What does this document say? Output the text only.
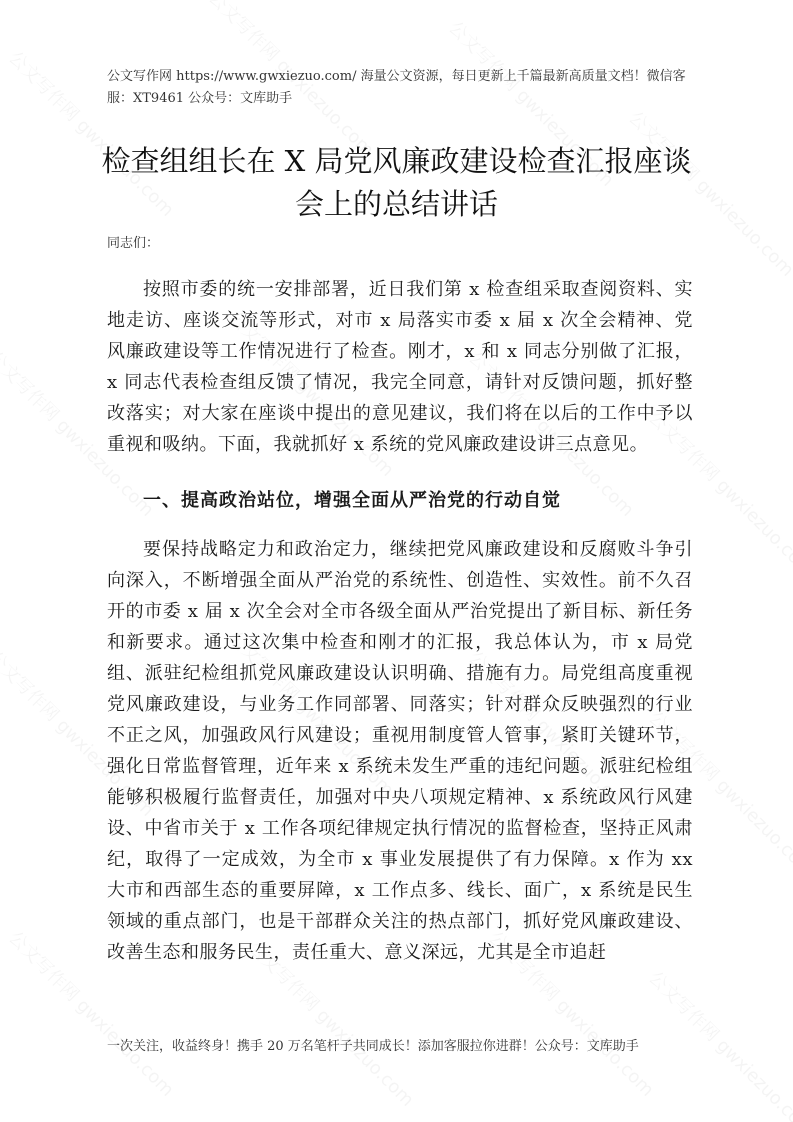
公文写作网 https://www.gwxiezuo.com/ 海量公文资源，每日更新上千篇最新高质量文档！微信客服：XT9461 公众号：文库助手
检查组组长在 X 局党风廉政建设检查汇报座谈会上的总结讲话
同志们：

按照市委的统一安排部署，近日我们第 x 检查组采取查阅资料、实地走访、座谈交流等形式，对市 x 局落实市委 x 届 x 次全会精神、党风廉政建设等工作情况进行了检查。刚才，x 和 x 同志分别做了汇报，x 同志代表检查组反馈了情况，我完全同意，请针对反馈问题，抓好整改落实；对大家在座谈中提出的意见建议，我们将在以后的工作中予以重视和吸纳。下面，我就抓好 x 系统的党风廉政建设讲三点意见。

一、提高政治站位，增强全面从严治党的行动自觉

要保持战略定力和政治定力，继续把党风廉政建设和反腐败斗争引向深入，不断增强全面从严治党的系统性、创造性、实效性。前不久召开的市委 x 届 x 次全会对全市各级全面从严治党提出了新目标、新任务和新要求。通过这次集中检查和刚才的汇报，我总体认为，市 x 局党组、派驻纪检组抓党风廉政建设认识明确、措施有力。局党组高度重视党风廉政建设，与业务工作同部署、同落实；针对群众反映强烈的行业不正之风，加强政风行风建设；重视用制度管人管事，紧盯关键环节，强化日常监督管理，近年来 x 系统未发生严重的违纪问题。派驻纪检组能够积极履行监督责任，加强对中央八项规定精神、x 系统政风行风建设、中省市关于 x 工作各项纪律规定执行情况的监督检查，坚持正风肃纪，取得了一定成效，为全市 x 事业发展提供了有力保障。x 作为 xx 大市和西部生态的重要屏障，x 工作点多、线长、面广，x 系统是民生领域的重点部门，也是干部群众关注的热点部门，抓好党风廉政建设、改善生态和服务民生，责任重大、意义深远，尤其是全市追赶

一次关注，收益终身！携手 20 万名笔杆子共同成长！添加客服拉你进群！公众号：文库助手
